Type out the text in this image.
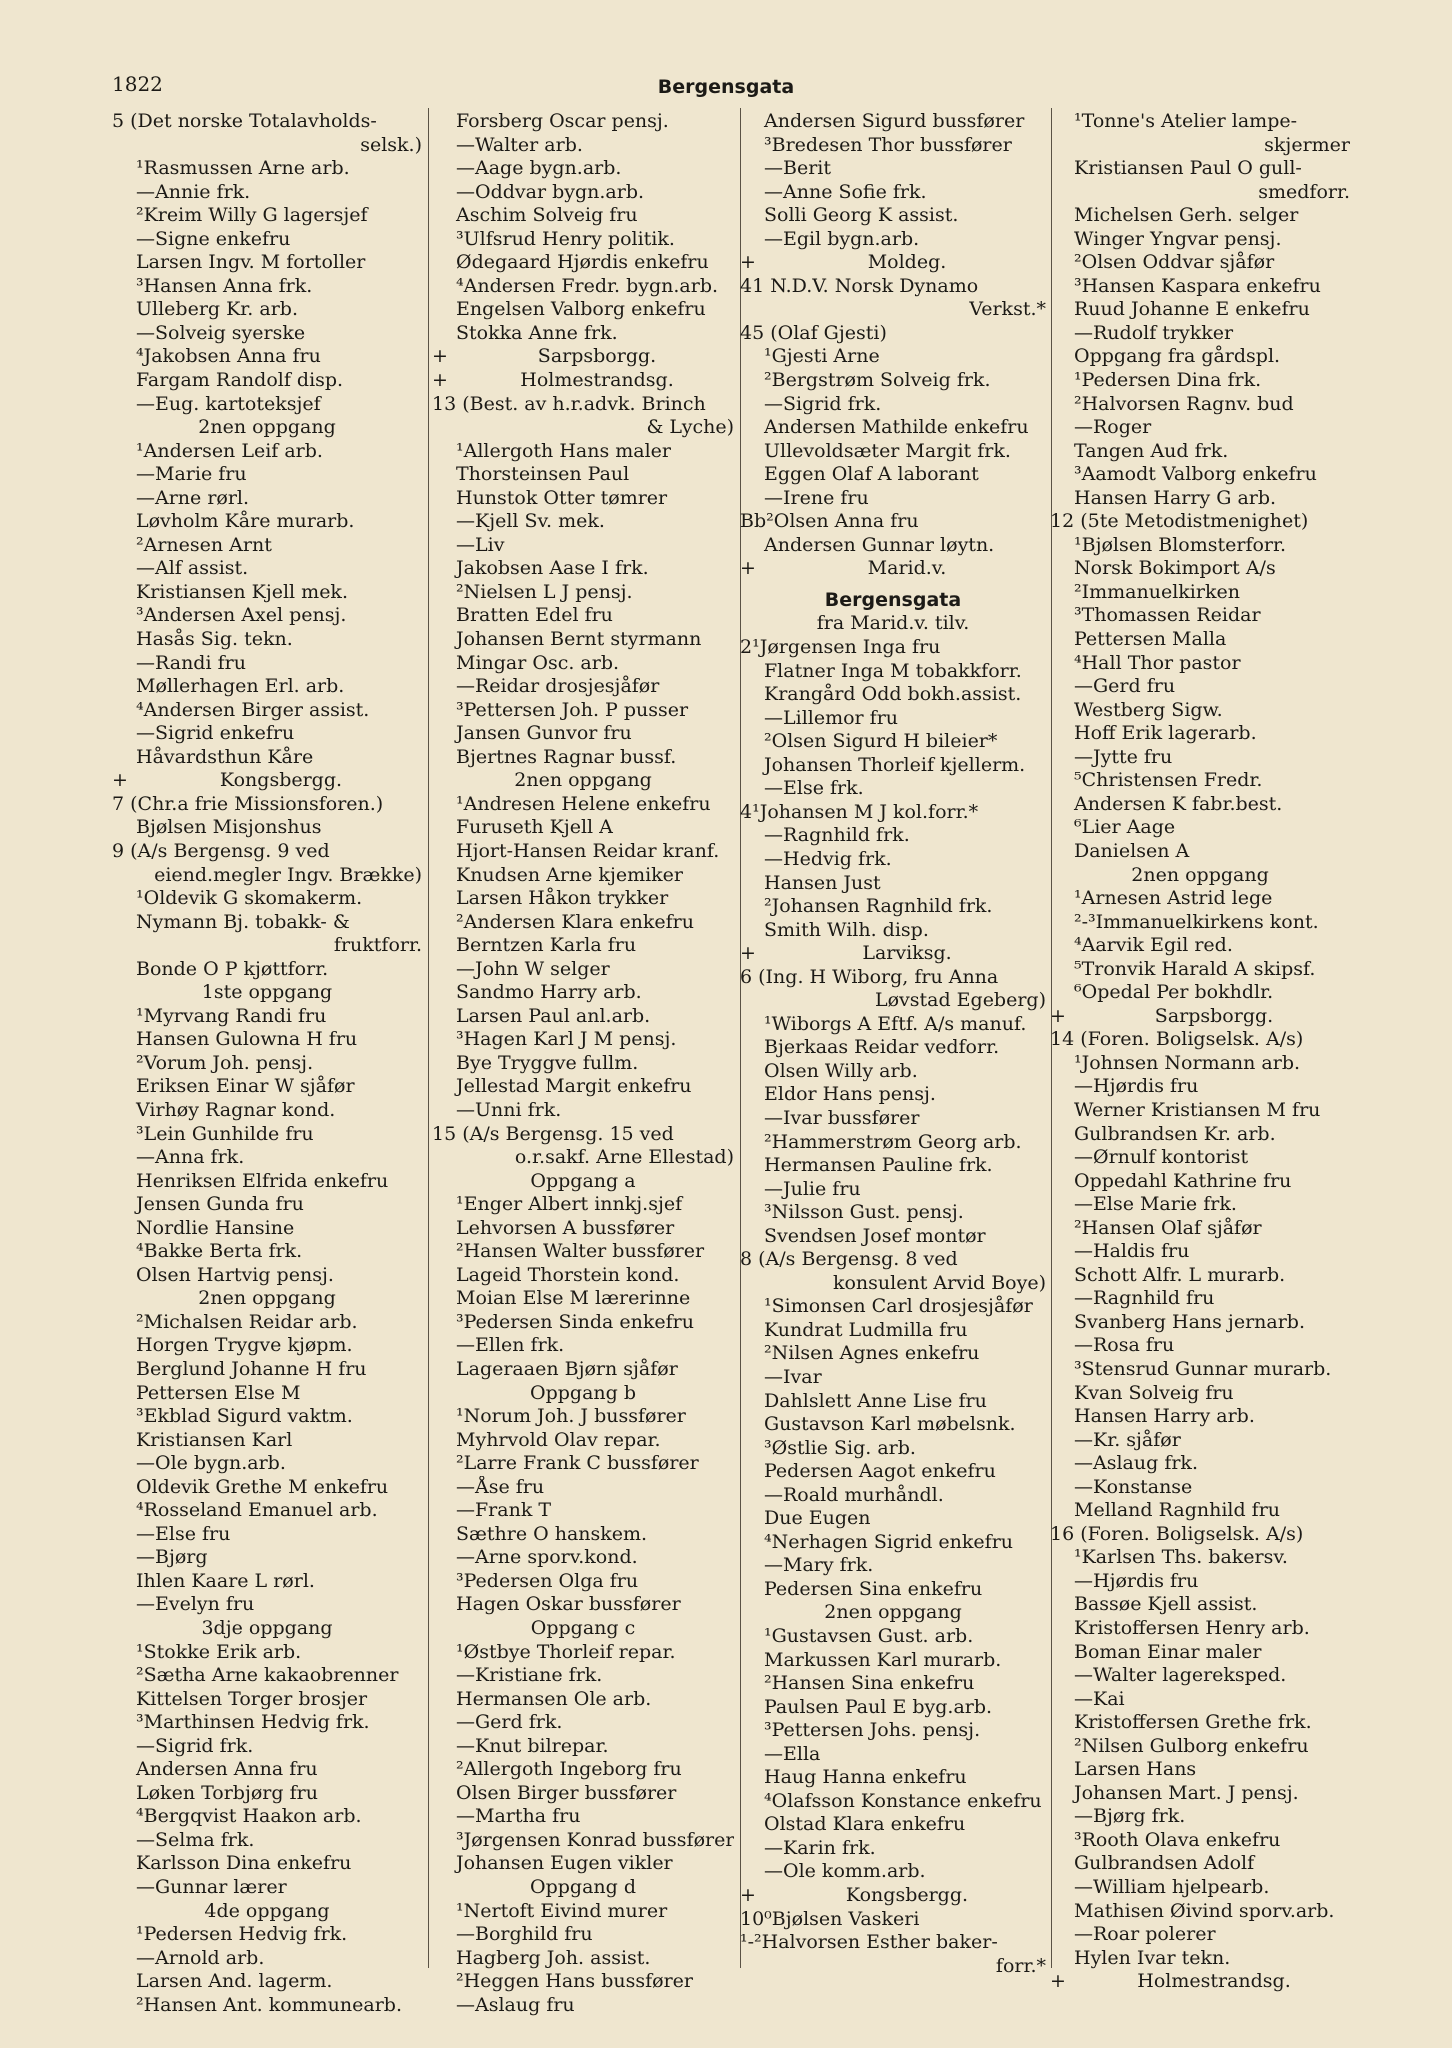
1822	Bergensgata
5 (Det norske Totalavholds-
selsk.)
¹Rasmussen Arne arb.
—Annie frk.
²Kreim Willy G lagersjef
—Signe enkefru
Larsen Ingv. M fortoller
³Hansen Anna frk.
Ulleberg Kr. arb.
—Solveig syerske
⁴Jakobsen Anna fru
Fargam Randolf disp.
—Eug. kartoteksjef
2nen oppgang
¹Andersen Leif arb.
—Marie fru
—Arne rørl.
Løvholm Kåre murarb.
²Arnesen Arnt
—Alf assist.
Kristiansen Kjell mek.
³Andersen Axel pensj.
Hasås Sig. tekn.
—Randi fru
Møllerhagen Erl. arb.
⁴Andersen Birger assist.
—Sigrid enkefru
Håvardsthun Kåre
+	Kongsbergg.
7 (Chr.a frie Missionsforen.)
Bjølsen Misjonshus
9 (A/s Bergensg. 9 ved
eiend.megler Ingv. Brække)
¹Oldevik G skomakerm.
Nymann Bj. tobakk- &
fruktforr.
Bonde O P kjøttforr.
1ste oppgang
¹Myrvang Randi fru
Hansen Gulowna H fru
²Vorum Joh. pensj.
Eriksen Einar W sjåfør
Virhøy Ragnar kond.
³Lein Gunhilde fru
—Anna frk.
Henriksen Elfrida enkefru
Jensen Gunda fru
Nordlie Hansine
⁴Bakke Berta frk.
Olsen Hartvig pensj.
2nen oppgang
²Michalsen Reidar arb.
Horgen Trygve kjøpm.
Berglund Johanne H fru
Pettersen Else M
³Ekblad Sigurd vaktm.
Kristiansen Karl
—Ole bygn.arb.
Oldevik Grethe M enkefru
⁴Rosseland Emanuel arb.
—Else fru
—Bjørg
Ihlen Kaare L rørl.
—Evelyn fru
3dje oppgang
¹Stokke Erik arb.
²Sætha Arne kakaobrenner
Kittelsen Torger brosjer
³Marthinsen Hedvig frk.
—Sigrid frk.
Andersen Anna fru
Løken Torbjørg fru
⁴Bergqvist Haakon arb.
—Selma frk.
Karlsson Dina enkefru
—Gunnar lærer
4de oppgang
¹Pedersen Hedvig frk.
—Arnold arb.
Larsen And. lagerm.
²Hansen Ant. kommunearb.
Forsberg Oscar pensj.
—Walter arb.
—Aage bygn.arb.
—Oddvar bygn.arb.
Aschim Solveig fru
³Ulfsrud Henry politik.
Ødegaard Hjørdis enkefru
⁴Andersen Fredr. bygn.arb.
Engelsen Valborg enkefru
Stokka Anne frk.
+	Sarpsborgg.
+	Holmestrandsg.
13 (Best. av h.r.advk. Brinch
& Lyche)
¹Allergoth Hans maler
Thorsteinsen Paul
Hunstok Otter tømrer
—Kjell Sv. mek.
—Liv
Jakobsen Aase I frk.
²Nielsen L J pensj.
Bratten Edel fru
Johansen Bernt styrmann
Mingar Osc. arb.
—Reidar drosjesjåfør
³Pettersen Joh. P pusser
Jansen Gunvor fru
Bjertnes Ragnar bussf.
2nen oppgang
¹Andresen Helene enkefru
Furuseth Kjell A
Hjort-Hansen Reidar kranf.
Knudsen Arne kjemiker
Larsen Håkon trykker
²Andersen Klara enkefru
Berntzen Karla fru
—John W selger
Sandmo Harry arb.
Larsen Paul anl.arb.
³Hagen Karl J M pensj.
Bye Tryggve fullm.
Jellestad Margit enkefru
—Unni frk.
15 (A/s Bergensg. 15 ved
o.r.sakf. Arne Ellestad)
Oppgang a
¹Enger Albert innkj.sjef
Lehvorsen A bussfører
²Hansen Walter bussfører
Lageid Thorstein kond.
Moian Else M lærerinne
³Pedersen Sinda enkefru
—Ellen frk.
Lageraaen Bjørn sjåfør
Oppgang b
¹Norum Joh. J bussfører
Myhrvold Olav repar.
²Larre Frank C bussfører
—Åse fru
—Frank T
Sæthre O hanskem.
—Arne sporv.kond.
³Pedersen Olga fru
Hagen Oskar bussfører
Oppgang c
¹Østbye Thorleif repar.
—Kristiane frk.
Hermansen Ole arb.
—Gerd frk.
—Knut bilrepar.
²Allergoth Ingeborg fru
Olsen Birger bussfører
—Martha fru
³Jørgensen Konrad bussfører
Johansen Eugen vikler
Oppgang d
¹Nertoft Eivind murer
—Borghild fru
Hagberg Joh. assist.
²Heggen Hans bussfører
—Aslaug fru
Andersen Sigurd bussfører
³Bredesen Thor bussfører
—Berit
—Anne Sofie frk.
Solli Georg K assist.
—Egil bygn.arb.
+	Moldeg.
41 N.D.V. Norsk Dynamo
Verkst.*
45 (Olaf Gjesti)
¹Gjesti Arne
²Bergstrøm Solveig frk.
—Sigrid frk.
Andersen Mathilde enkefru
Ullevoldsæter Margit frk.
Eggen Olaf A laborant
—Irene fru
Bb²Olsen Anna fru
Andersen Gunnar løytn.
+	Marid.v.
Bergensgata
fra Marid.v. tilv.
2¹Jørgensen Inga fru
Flatner Inga M tobakkforr.
Krangård Odd bokh.assist.
—Lillemor fru
²Olsen Sigurd H bileier*
Johansen Thorleif kjellerm.
—Else frk.
4¹Johansen M J kol.forr.*
—Ragnhild frk.
—Hedvig frk.
Hansen Just
²Johansen Ragnhild frk.
Smith Wilh. disp.
+	Larviksg.
6 (Ing. H Wiborg, fru Anna
Løvstad Egeberg)
¹Wiborgs A Eftf. A/s manuf.
Bjerkaas Reidar vedforr.
Olsen Willy arb.
Eldor Hans pensj.
—Ivar bussfører
²Hammerstrøm Georg arb.
Hermansen Pauline frk.
—Julie fru
³Nilsson Gust. pensj.
Svendsen Josef montør
8 (A/s Bergensg. 8 ved
konsulent Arvid Boye)
¹Simonsen Carl drosjesjåfør
Kundrat Ludmilla fru
²Nilsen Agnes enkefru
—Ivar
Dahlslett Anne Lise fru
Gustavson Karl møbelsnk.
³Østlie Sig. arb.
Pedersen Aagot enkefru
—Roald murhåndl.
Due Eugen
⁴Nerhagen Sigrid enkefru
—Mary frk.
Pedersen Sina enkefru
2nen oppgang
¹Gustavsen Gust. arb.
Markussen Karl murarb.
²Hansen Sina enkefru
Paulsen Paul E byg.arb.
³Pettersen Johs. pensj.
—Ella
Haug Hanna enkefru
⁴Olafsson Konstance enkefru
Olstad Klara enkefru
—Karin frk.
—Ole komm.arb.
+	Kongsbergg.
10⁰Bjølsen Vaskeri
¹-²Halvorsen Esther baker-
forr.*
¹Tonne's Atelier lampe-
skjermer
Kristiansen Paul O gull-
smedforr.
Michelsen Gerh. selger
Winger Yngvar pensj.
²Olsen Oddvar sjåfør
³Hansen Kaspara enkefru
Ruud Johanne E enkefru
—Rudolf trykker
Oppgang fra gårdspl.
¹Pedersen Dina frk.
²Halvorsen Ragnv. bud
—Roger
Tangen Aud frk.
³Aamodt Valborg enkefru
Hansen Harry G arb.
12 (5te Metodistmenighet)
¹Bjølsen Blomsterforr.
Norsk Bokimport A/s
²Immanuelkirken
³Thomassen Reidar
Pettersen Malla
⁴Hall Thor pastor
—Gerd fru
Westberg Sigw.
Hoff Erik lagerarb.
—Jytte fru
⁵Christensen Fredr.
Andersen K fabr.best.
⁶Lier Aage
Danielsen A
2nen oppgang
¹Arnesen Astrid lege
²-³Immanuelkirkens kont.
⁴Aarvik Egil red.
⁵Tronvik Harald A skipsf.
⁶Opedal Per bokhdlr.
+	Sarpsborgg.
14 (Foren. Boligselsk. A/s)
¹Johnsen Normann arb.
—Hjørdis fru
Werner Kristiansen M fru
Gulbrandsen Kr. arb.
—Ørnulf kontorist
Oppedahl Kathrine fru
—Else Marie frk.
²Hansen Olaf sjåfør
—Haldis fru
Schott Alfr. L murarb.
—Ragnhild fru
Svanberg Hans jernarb.
—Rosa fru
³Stensrud Gunnar murarb.
Kvan Solveig fru
Hansen Harry arb.
—Kr. sjåfør
—Aslaug frk.
—Konstanse
Melland Ragnhild fru
16 (Foren. Boligselsk. A/s)
¹Karlsen Ths. bakersv.
—Hjørdis fru
Bassøe Kjell assist.
Kristoffersen Henry arb.
Boman Einar maler
—Walter lagereksped.
—Kai
Kristoffersen Grethe frk.
²Nilsen Gulborg enkefru
Larsen Hans
Johansen Mart. J pensj.
—Bjørg frk.
³Rooth Olava enkefru
Gulbrandsen Adolf
—William hjelpearb.
Mathisen Øivind sporv.arb.
—Roar polerer
Hylen Ivar tekn.
+	Holmestrandsg.
